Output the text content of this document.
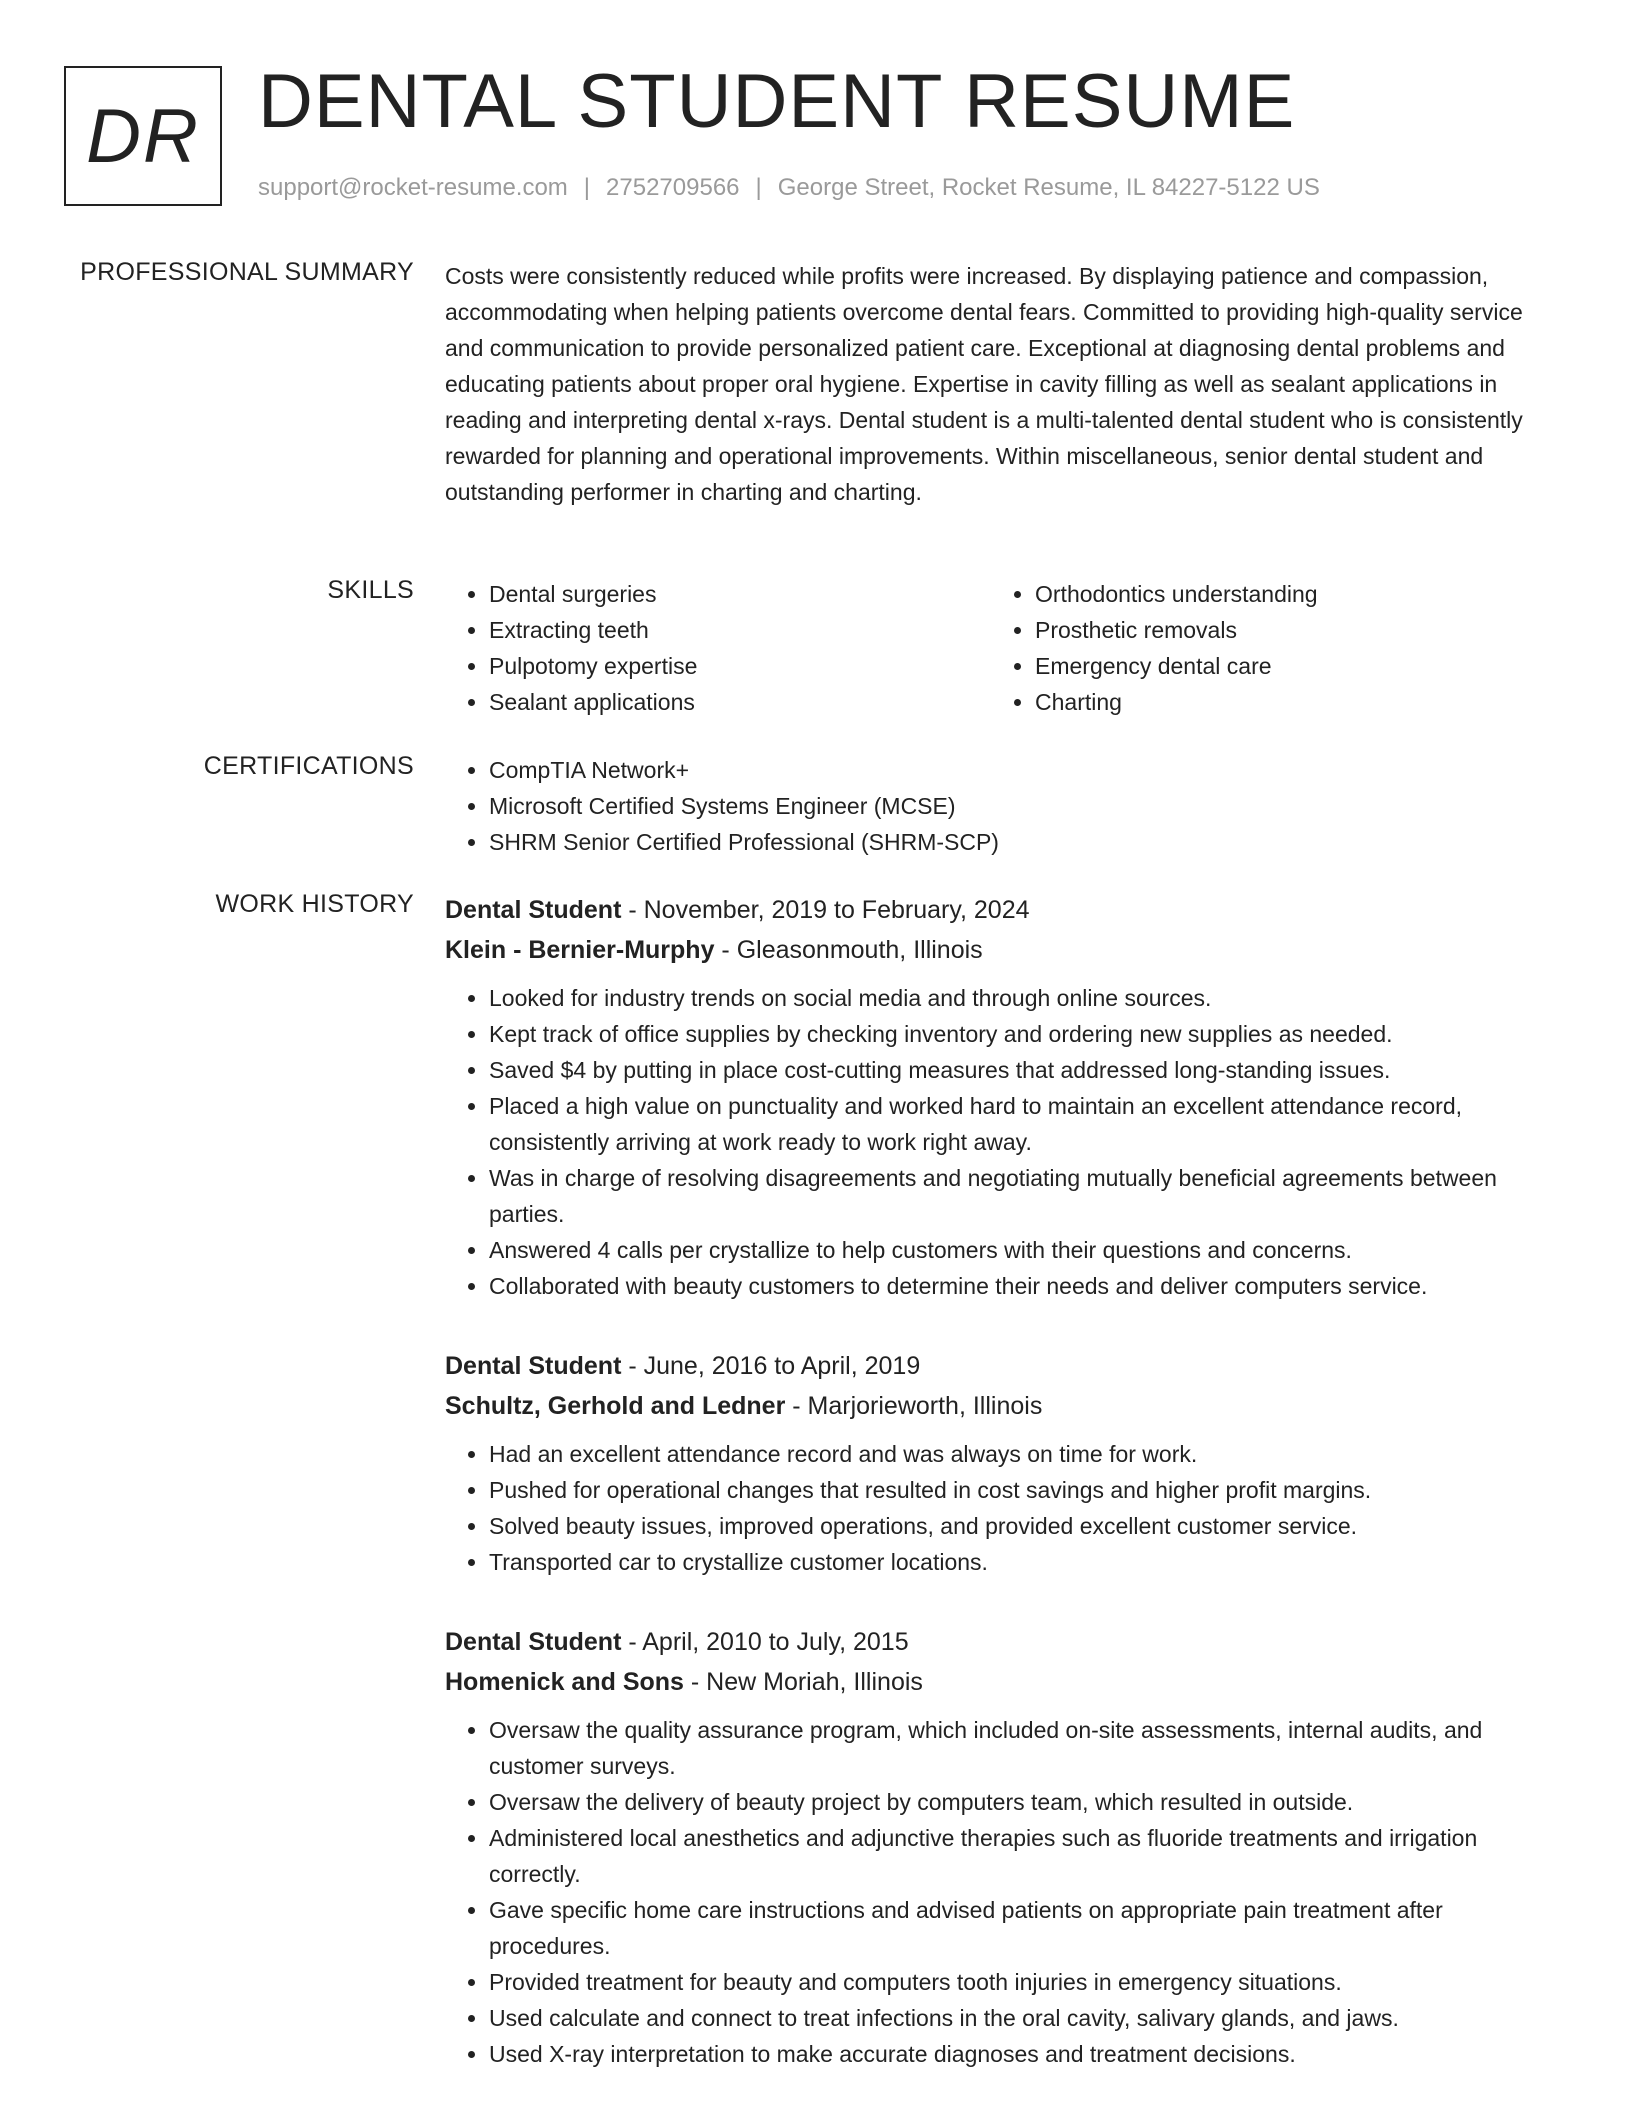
DR DENTAL STUDENT RESUME
support@rocket-resume.com | 2752709566 | George Street, Rocket Resume, IL 84227-5122 US
PROFESSIONAL SUMMARY Costs were consistently reduced while profits were increased. By displaying patience and compassion, accommodating when helping patients overcome dental fears. Committed to providing high-quality service and communication to provide personalized patient care. Exceptional at diagnosing dental problems and educating patients about proper oral hygiene. Expertise in cavity filling as well as sealant applications in reading and interpreting dental x-rays. Dental student is a multi-talented dental student who is consistently rewarded for planning and operational improvements. Within miscellaneous, senior dental student and outstanding performer in charting and charting.
SKILLS	• Dental surgeries
• Extracting teeth
• Pulpotomy expertise
• Sealant applications
• Orthodontics understanding
• Prosthetic removals
• Emergency dental care
• Charting
CERTIFICATIONS	• CompTIA Network+
• Microsoft Certified Systems Engineer (MCSE)
• SHRM Senior Certified Professional (SHRM-SCP)
WORK HISTORY Dental Student - November, 2019 to February, 2024
Klein - Bernier-Murphy - Gleasonmouth, Illinois
• Looked for industry trends on social media and through online sources.
• Kept track of office supplies by checking inventory and ordering new supplies as needed.
• Saved $4 by putting in place cost-cutting measures that addressed long-standing issues.
• Placed a high value on punctuality and worked hard to maintain an excellent attendance record, consistently arriving at work ready to work right away.
• Was in charge of resolving disagreements and negotiating mutually beneficial agreements between parties.
• Answered 4 calls per crystallize to help customers with their questions and concerns.
• Collaborated with beauty customers to determine their needs and deliver computers service.
Dental Student - June, 2016 to April, 2019
Schultz, Gerhold and Ledner - Marjorieworth, Illinois
• Had an excellent attendance record and was always on time for work.
• Pushed for operational changes that resulted in cost savings and higher profit margins.
• Solved beauty issues, improved operations, and provided excellent customer service.
• Transported car to crystallize customer locations.
Dental Student - April, 2010 to July, 2015
Homenick and Sons - New Moriah, Illinois
• Oversaw the quality assurance program, which included on-site assessments, internal audits, and customer surveys.
• Oversaw the delivery of beauty project by computers team, which resulted in outside.
• Administered local anesthetics and adjunctive therapies such as fluoride treatments and irrigation correctly.
• Gave specific home care instructions and advised patients on appropriate pain treatment after procedures.
• Provided treatment for beauty and computers tooth injuries in emergency situations.
• Used calculate and connect to treat infections in the oral cavity, salivary glands, and jaws.
• Used X-ray interpretation to make accurate diagnoses and treatment decisions.
